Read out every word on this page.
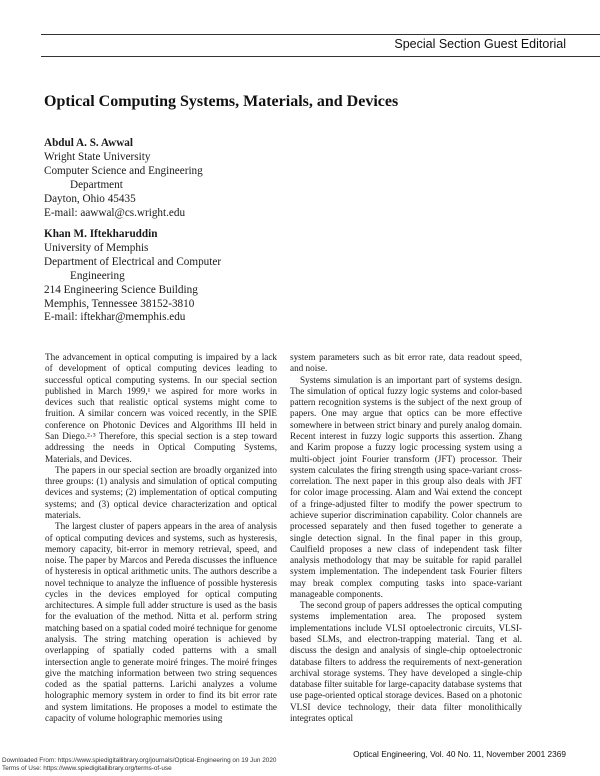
Special Section Guest Editorial
Optical Computing Systems, Materials, and Devices
Abdul A. S. Awwal
Wright State University
Computer Science and Engineering
Department
Dayton, Ohio 45435
E-mail: aawwal@cs.wright.edu
Khan M. Iftekharuddin
University of Memphis
Department of Electrical and Computer
Engineering
214 Engineering Science Building
Memphis, Tennessee 38152-3810
E-mail: iftekhar@memphis.edu

The advancement in optical computing is impaired by a lack of development of optical computing devices leading to successful optical computing systems. In our special section published in March 1999,¹ we aspired for more works in devices such that realistic optical systems might come to fruition. A similar concern was voiced recently, in the SPIE conference on Photonic Devices and Algorithms III held in San Diego.²·³ Therefore, this special section is a step toward addressing the needs in Optical Computing Systems, Materials, and Devices.

The papers in our special section are broadly organized into three groups: (1) analysis and simulation of optical computing devices and systems; (2) implementation of optical computing systems; and (3) optical device characterization and optical materials.

The largest cluster of papers appears in the area of analysis of optical computing devices and systems, such as hysteresis, memory capacity, bit-error in memory retrieval, speed, and noise. The paper by Marcos and Pereda discusses the influence of hysteresis in optical arithmetic units. The authors describe a novel technique to analyze the influence of possible hysteresis cycles in the devices employed for optical computing architectures. A simple full adder structure is used as the basis for the evaluation of the method. Nitta et al. perform string matching based on a spatial coded moiré technique for genome analysis. The string matching operation is achieved by overlapping of spatially coded patterns with a small intersection angle to generate moiré fringes. The moiré fringes give the matching information between two string sequences coded as the spatial patterns. Larichi analyzes a volume holographic memory system in order to find its bit error rate and system limitations. He proposes a model to estimate the capacity of volume holographic memories using

system parameters such as bit error rate, data readout speed, and noise.

Systems simulation is an important part of systems design. The simulation of optical fuzzy logic systems and color-based pattern recognition systems is the subject of the next group of papers. One may argue that optics can be more effective somewhere in between strict binary and purely analog domain. Recent interest in fuzzy logic supports this assertion. Zhang and Karim propose a fuzzy logic processing system using a multi-object joint Fourier transform (JFT) processor. Their system calculates the firing strength using space-variant cross-correlation. The next paper in this group also deals with JFT for color image processing. Alam and Wai extend the concept of a fringe-adjusted filter to modify the power spectrum to achieve superior discrimination capability. Color channels are processed separately and then fused together to generate a single detection signal. In the final paper in this group, Caulfield proposes a new class of independent task filter analysis methodology that may be suitable for rapid parallel system implementation. The independent task Fourier filters may break complex computing tasks into space-variant manageable components.

The second group of papers addresses the optical computing systems implementation area. The proposed system implementations include VLSI optoelectronic circuits, VLSI-based SLMs, and electron-trapping material. Tang et al. discuss the design and analysis of single-chip optoelectronic database filters to address the requirements of next-generation archival storage systems. They have developed a single-chip database filter suitable for large-capacity database systems that use page-oriented optical storage devices. Based on a photonic VLSI device technology, their data filter monolithically integrates optical

Optical Engineering, Vol. 40 No. 11, November 2001 2369
Downloaded From: https://www.spiedigitallibrary.org/journals/Optical-Engineering on 19 Jun 2020
Terms of Use: https://www.spiedigitallibrary.org/terms-of-use
